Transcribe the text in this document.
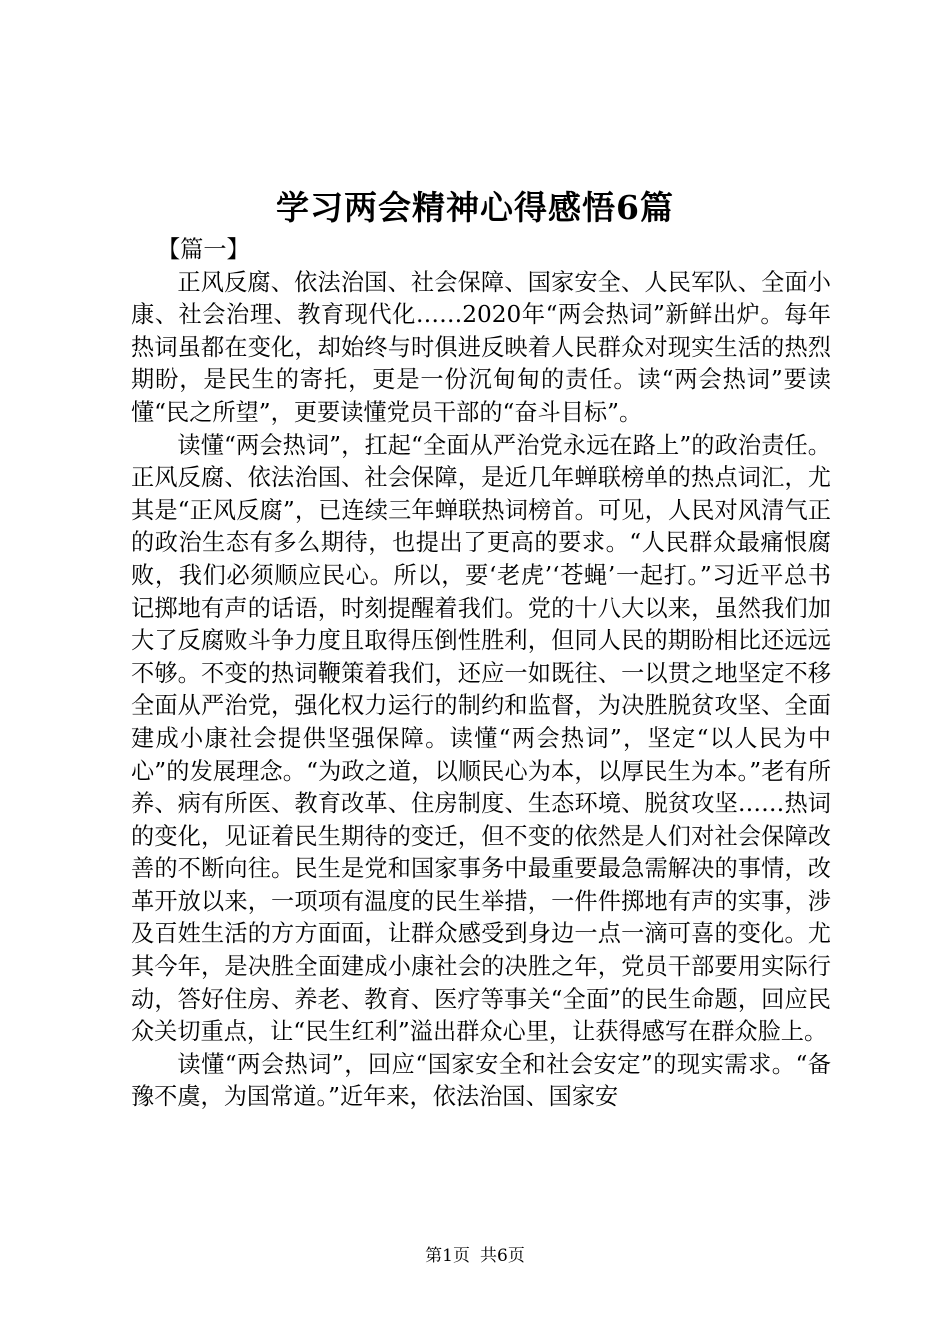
学习两会精神心得感悟6篇

【篇一】

正风反腐、依法治国、社会保障、国家安全、人民军队、全面小康、社会治理、教育现代化……2020年“两会热词”新鲜出炉。每年热词虽都在变化，却始终与时俱进反映着人民群众对现实生活的热烈期盼，是民生的寄托，更是一份沉甸甸的责任。读“两会热词”要读懂“民之所望”，更要读懂党员干部的“奋斗目标”。

读懂“两会热词”，扛起“全面从严治党永远在路上”的政治责任。正风反腐、依法治国、社会保障，是近几年蝉联榜单的热点词汇，尤其是“正风反腐”，已连续三年蝉联热词榜首。可见，人民对风清气正的政治生态有多么期待，也提出了更高的要求。“人民群众最痛恨腐败，我们必须顺应民心。所以，要‘老虎’‘苍蝇’一起打。”习近平总书记掷地有声的话语，时刻提醒着我们。党的十八大以来，虽然我们加大了反腐败斗争力度且取得压倒性胜利，但同人民的期盼相比还远远不够。不变的热词鞭策着我们，还应一如既往、一以贯之地坚定不移全面从严治党，强化权力运行的制约和监督，为决胜脱贫攻坚、全面建成小康社会提供坚强保障。读懂“两会热词”，坚定“以人民为中心”的发展理念。“为政之道，以顺民心为本，以厚民生为本。”老有所养、病有所医、教育改革、住房制度、生态环境、脱贫攻坚……热词的变化，见证着民生期待的变迁，但不变的依然是人们对社会保障改善的不断向往。民生是党和国家事务中最重要最急需解决的事情，改革开放以来，一项项有温度的民生举措，一件件掷地有声的实事，涉及百姓生活的方方面面，让群众感受到身边一点一滴可喜的变化。尤其今年，是决胜全面建成小康社会的决胜之年，党员干部要用实际行动，答好住房、养老、教育、医疗等事关“全面”的民生命题，回应民众关切重点，让“民生红利”溢出群众心里，让获得感写在群众脸上。

读懂“两会热词”，回应“国家安全和社会安定”的现实需求。“备豫不虞，为国常道。”近年来，依法治国、国家安

第1页 共6页
